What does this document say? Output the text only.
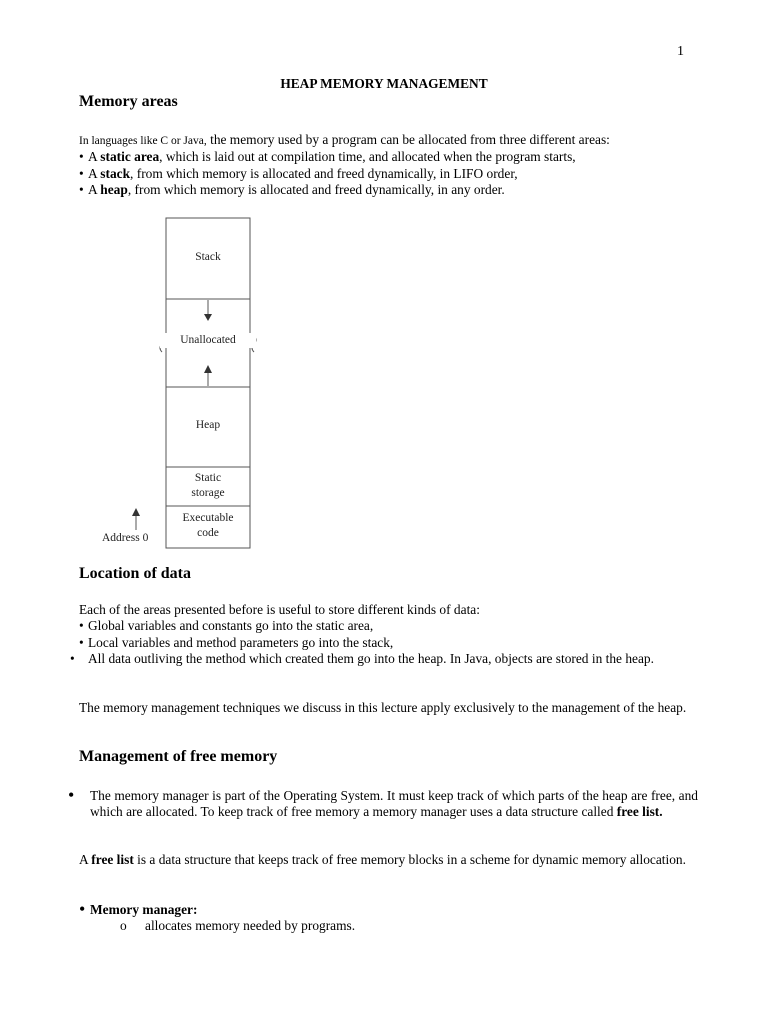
1
HEAP MEMORY MANAGEMENT
Memory areas

In languages like C or Java, the memory used by a program can be allocated from three different areas:

• A static area, which is laid out at compilation time, and allocated when the program starts,

• A stack, from which memory is allocated and freed dynamically, in LIFO order,

• A heap, from which memory is allocated and freed dynamically, in any order.

Stack
Unallocated
Heap
Static
storage
Executable
code
Address 0
Location of data

Each of the areas presented before is useful to store different kinds of data:

• Global variables and constants go into the static area,

• Local variables and method parameters go into the stack,

• All data outliving the method which created them go into the heap. In Java, objects are stored in the heap.

The memory management techniques we discuss in this lecture apply exclusively to the management of the heap.
Management of free memory
• The memory manager is part of the Operating System. It must keep track of which parts of the heap are free, and which are allocated. To keep track of free memory a memory manager uses a data structure called free list.
A free list is a data structure that keeps track of free memory blocks in a scheme for dynamic memory allocation.
• Memory manager:
o allocates memory needed by programs.
